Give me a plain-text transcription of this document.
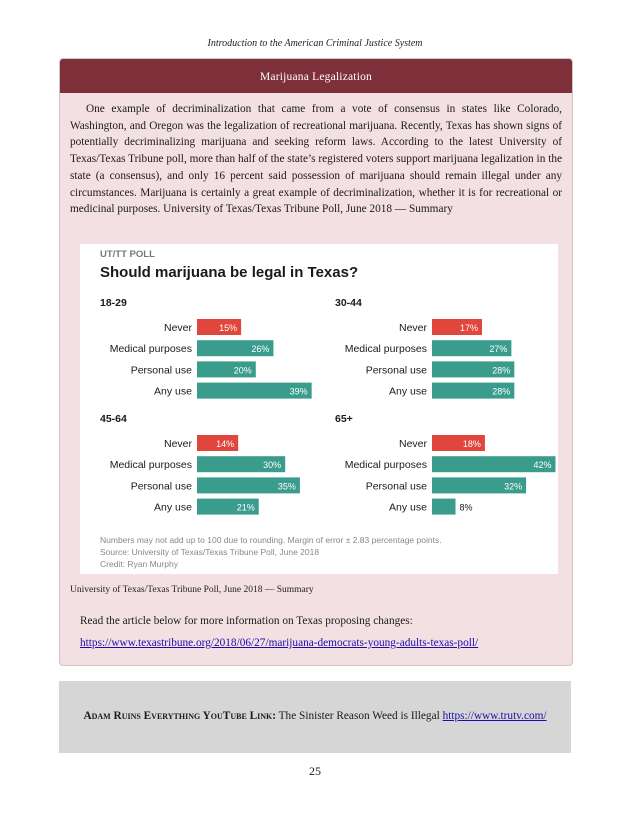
Introduction to the American Criminal Justice System
Marijuana Legalization

One example of decriminalization that came from a vote of consensus in states like Colorado, Washington, and Oregon was the legalization of recreational marijuana. Recently, Texas has shown signs of potentially decriminalizing marijuana and seeking reform laws. According to the latest University of Texas/Texas Tribune poll, more than half of the state’s registered voters support marijuana legalization in the state (a consensus), and only 16 percent said possession of marijuana should remain illegal under any circumstances. Marijuana is certainly a great example of decriminalization, whether it is for recreational or medicinal purposes. University of Texas/Texas Tribune Poll, June 2018 — Summary

UT/TT POLL
Should marijuana be legal in Texas?
18-29
Never	15%
Medical purposes	26%
Personal use	20%
Any use	39%
30-44
Never	17%
Medical purposes	27%
Personal use	28%
Any use	28%
45-64
Never	14%
Medical purposes	30%
Personal use	35%
Any use	21%
65+
Never	18%
Medical purposes	42%
Personal use	32%
Any use	8%
Numbers may not add up to 100 due to rounding. Margin of error ± 2.83 percentage points.
Source: University of Texas/Texas Tribune Poll, June 2018
Credit: Ryan Murphy
University of Texas/Texas Tribune Poll, June 2018 — Summary
Read the article below for more information on Texas proposing changes:
https://www.texastribune.org/2018/06/27/marijuana-democrats-young-adults-texas-poll/
Adam Ruins Everything YouTube Link: The Sinister Reason Weed is Illegal https://www.trutv.com/
25
